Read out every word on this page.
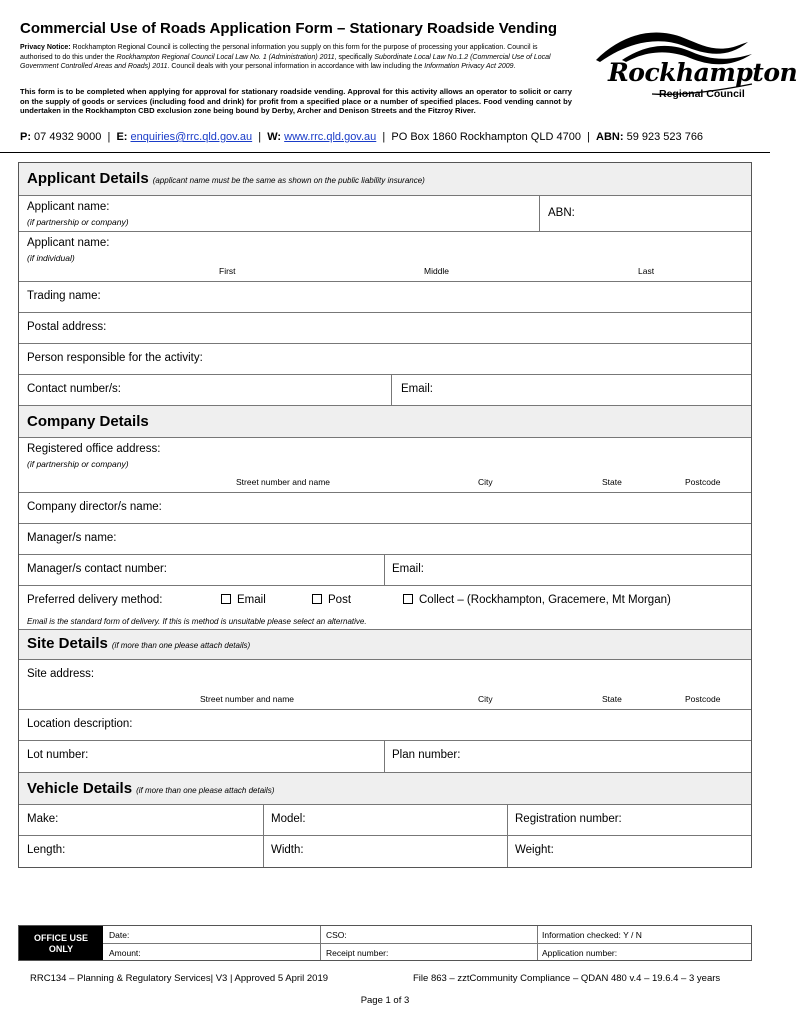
Commercial Use of Roads Application Form – Stationary Roadside Vending
Privacy Notice: Rockhampton Regional Council is collecting the personal information you supply on this form for the purpose of processing your application. Council is authorised to do this under the Rockhampton Regional Council Local Law No. 1 (Administration) 2011, specifically Subordinate Local Law No.1.2 (Commercial Use of Local Government Controlled Areas and Roads) 2011. Council deals with your personal information in accordance with law including the Information Privacy Act 2009.
This form is to be completed when applying for approval for stationary roadside vending. Approval for this activity allows an operator to solicit or carry on the supply of goods or services (including food and drink) for profit from a specified place or a number of specified places. Food vending cannot by undertaken in the Rockhampton CBD exclusion zone being bound by Derby, Archer and Denison Streets and the Fitzroy River.
Rockhampton
Regional Council
P: 07 4932 9000  |  E: enquiries@rrc.qld.gov.au  |  W: www.rrc.qld.gov.au  |  PO Box 1860 Rockhampton QLD 4700  |  ABN: 59 923 523 766
Applicant Details (applicant name must be the same as shown on the public liability insurance)
Applicant name:
(if partnership or company)
ABN:
Applicant name:
(if individual)
First	Middle	Last
Trading name:
Postal address:
Person responsible for the activity:
Contact number/s:	Email:
Company Details
Registered office address:
(if partnership or company)
Street number and name	City	State	Postcode
Company director/s name:
Manager/s name:
Manager/s contact number:	Email:
Preferred delivery method:	Email	Post	Collect – (Rockhampton, Gracemere, Mt Morgan)
Email is the standard form of delivery. If this is method is unsuitable please select an alternative.
Site Details (if more than one please attach details)
Site address:
Street number and name	City	State	Postcode
Location description:
Lot number:	Plan number:
Vehicle Details (if more than one please attach details)
Make:	Model:	Registration number:
Length:	Width:	Weight:
OFFICE USE
ONLY
Date:	CSO:	Information checked: Y / N
Amount:	Receipt number:	Application number:
RRC134 – Planning & Regulatory Services| V3 | Approved 5 April 2019	File 863 – zztCommunity Compliance – QDAN 480 v.4 – 19.6.4 – 3 years
Page 1 of 3
